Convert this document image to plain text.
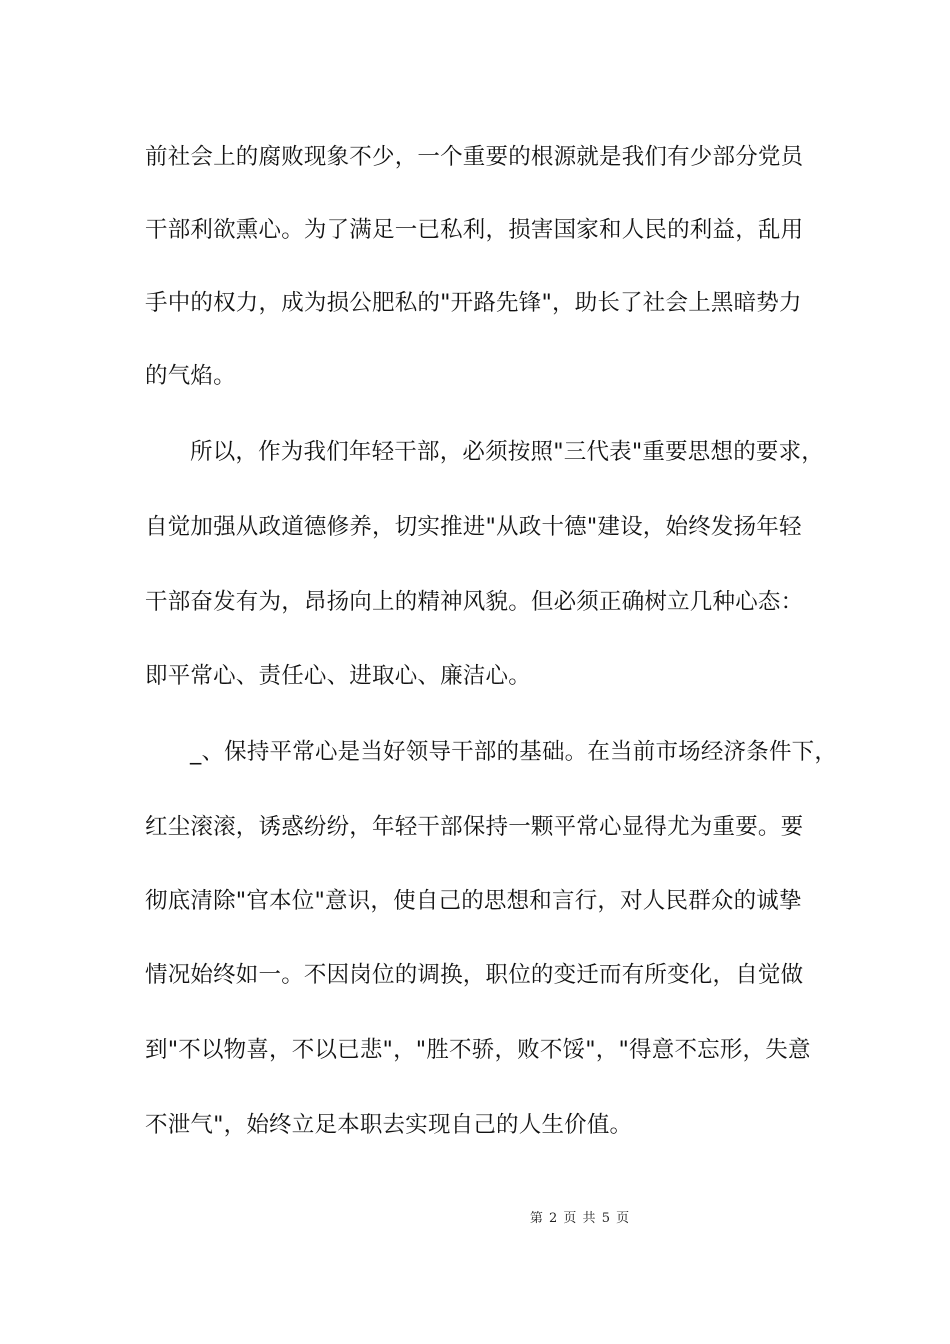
前社会上的腐败现象不少，一个重要的根源就是我们有少部分党员
干部利欲熏心。为了满足一已私利，损害国家和人民的利益，乱用
手中的权力，成为损公肥私的"开路先锋"，助长了社会上黑暗势力
的气焰。
所以，作为我们年轻干部，必须按照"三代表"重要思想的要求，
自觉加强从政道德修养，切实推进"从政十德"建设，始终发扬年轻
干部奋发有为，昂扬向上的精神风貌。但必须正确树立几种心态：
即平常心、责任心、进取心、廉洁心。
_、保持平常心是当好领导干部的基础。在当前市场经济条件下，
红尘滚滚，诱惑纷纷，年轻干部保持一颗平常心显得尤为重要。要
彻底清除"官本位"意识，使自己的思想和言行，对人民群众的诚挚
情况始终如一。不因岗位的调换，职位的变迁而有所变化，自觉做
到"不以物喜，不以已悲"，"胜不骄，败不馁"，"得意不忘形，失意
不泄气"，始终立足本职去实现自己的人生价值。
第 2 页 共 5 页
